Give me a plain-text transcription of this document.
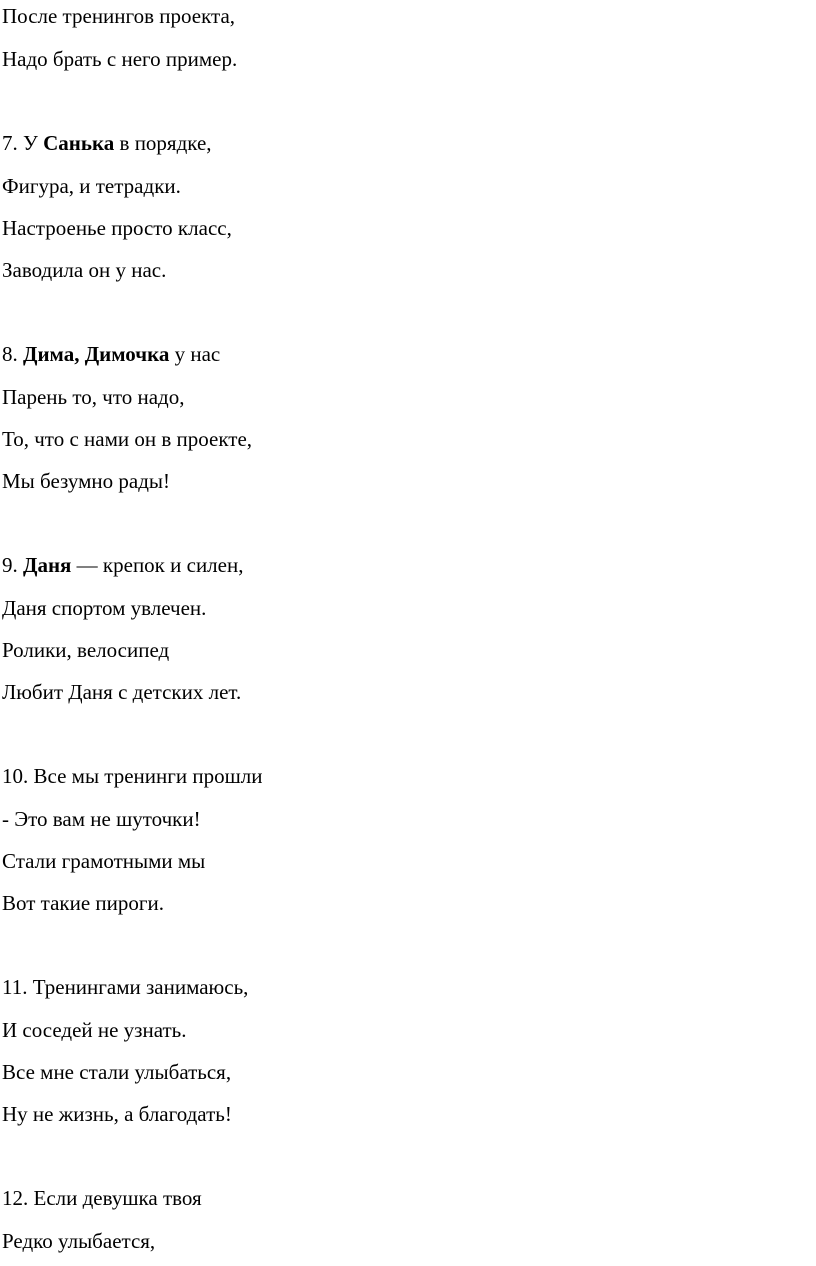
После тренингов проекта,
Надо брать с него пример.
7. У Санька в порядке,
Фигура, и тетрадки.
Настроенье просто класс,
Заводила он у нас.
8. Дима, Димочка у нас
Парень то, что надо,
То, что с нами он в проекте,
Мы безумно рады!
9. Даня — крепок и силен,
Даня спортом увлечен.
Ролики, велосипед
Любит Даня с детских лет.
10. Все мы тренинги прошли
- Это вам не шуточки!
Стали грамотными мы
Вот такие пироги.
11. Тренингами занимаюсь,
И соседей не узнать.
Все мне стали улыбаться,
Ну не жизнь, а благодать!
12. Если девушка твоя
Редко улыбается,
